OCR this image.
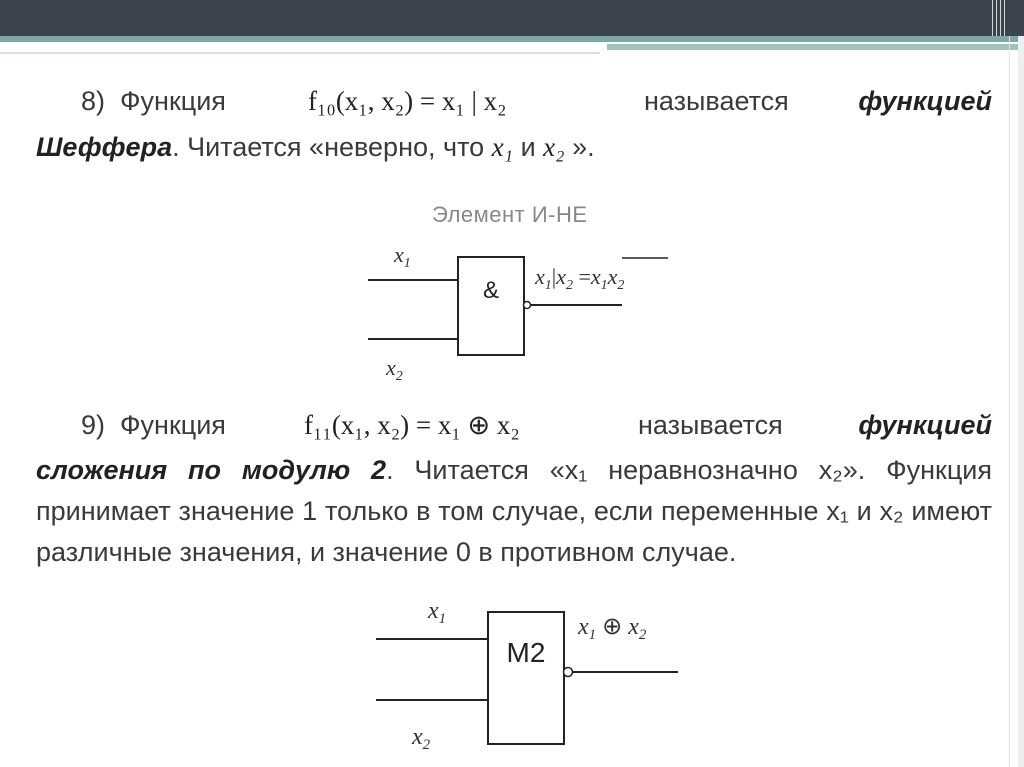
8) Функция	f₁₀(x₁, x₂) = x₁ | x₂	называется	функцией
Шеффера. Читается «неверно, что x₁ и x₂ ».
Элемент И-НЕ
&
$x_1$
$x_2$
$x_1|x_2 =x_1x_2$
9) Функция	f₁₁(x₁, x₂) = x₁ ⊕ x₂	называется	функцией
сложения по модулю 2. Читается «x₁ неравнозначно x₂». Функция принимает значение 1 только в том случае, если переменные x₁ и x₂ имеют различные значения, и значение 0 в противном случае.
M2
$x_1$
$x_2$
$x_1$ ⊕ $x_2$
